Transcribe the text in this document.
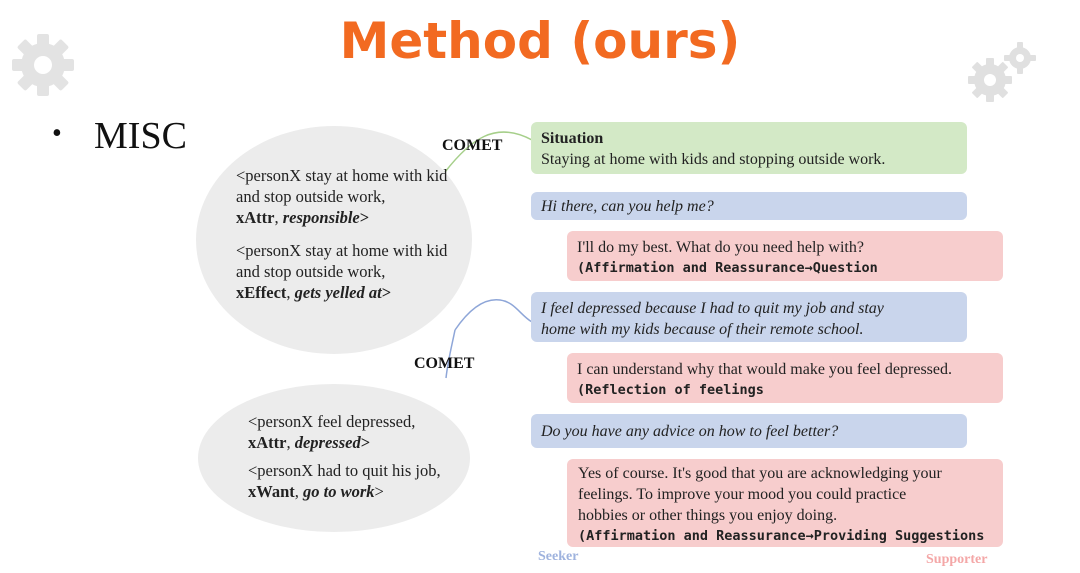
Method (ours)
• MISC	COMET
COMET
<personX stay at home with kid and stop outside work,
xAttr, responsible>
<personX stay at home with kid and stop outside work,
xEffect, gets yelled at>
<personX feel depressed,
xAttr, depressed>
<personX had to quit his job,
xWant, go to work>
Situation
Staying at home with kids and stopping outside work.
Hi there, can you help me?
I'll do my best. What do you need help with?
(Affirmation and Reassurance→Question
I feel depressed because I had to quit my job and stay
home with my kids because of their remote school.
I can understand why that would make you feel depressed.
(Reflection of feelings
Do you have any advice on how to feel better?
Yes of course. It's good that you are acknowledging your
feelings. To improve your mood you could practice
hobbies or other things you enjoy doing.
(Affirmation and Reassurance→Providing Suggestions
Seeker	Supporter
